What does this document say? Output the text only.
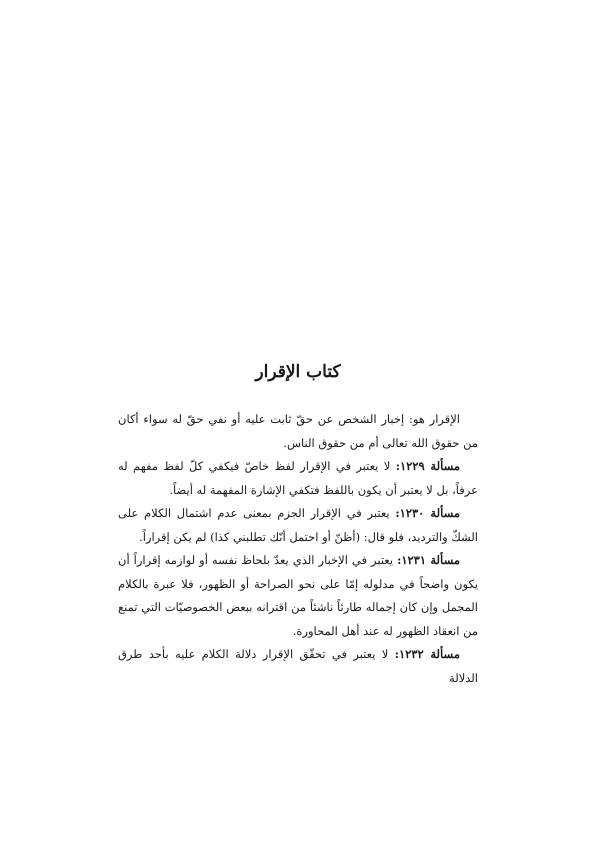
كتاب الإقرار

الإقرار هو: إخبار الشخص عن حقّ ثابت عليه أو نفي حقّ له سواء أكان من حقوق الله تعالى أم من حقوق الناس.

مسألة ١٢٢٩: لا يعتبر في الإقرار لفظ خاصّ فيكفي كلّ لفظ مفهم له عرفاً، بل لا يعتبر أن يكون باللفظ فتكفي الإشارة المفهمة له أيضاً.

مسألة ١٢٣٠: يعتبر في الإقرار الجزم بمعنى عدم اشتمال الكلام على الشكّ والترديد، فلو قال: (أظنّ أو احتمل أنّك تطلبني كذا) لم يكن إقراراً.

مسألة ١٢٣١: يعتبر في الإخبار الذي يعدّ بلحاظ نفسه أو لوازمه إقراراً أن يكون واضحاً في مدلوله إمّا على نحو الصراحة أو الظهور، فلا عبرة بالكلام المجمل وإن كان إجماله طارئاً ناشئاً من اقترانه ببعض الخصوصيّات التي تمنع من انعقاد الظهور له عند أهل المحاورة.

مسألة ١٢٣٢: لا يعتبر في تحقّق الإقرار دلالة الكلام عليه بأحد طرق الدلالة
